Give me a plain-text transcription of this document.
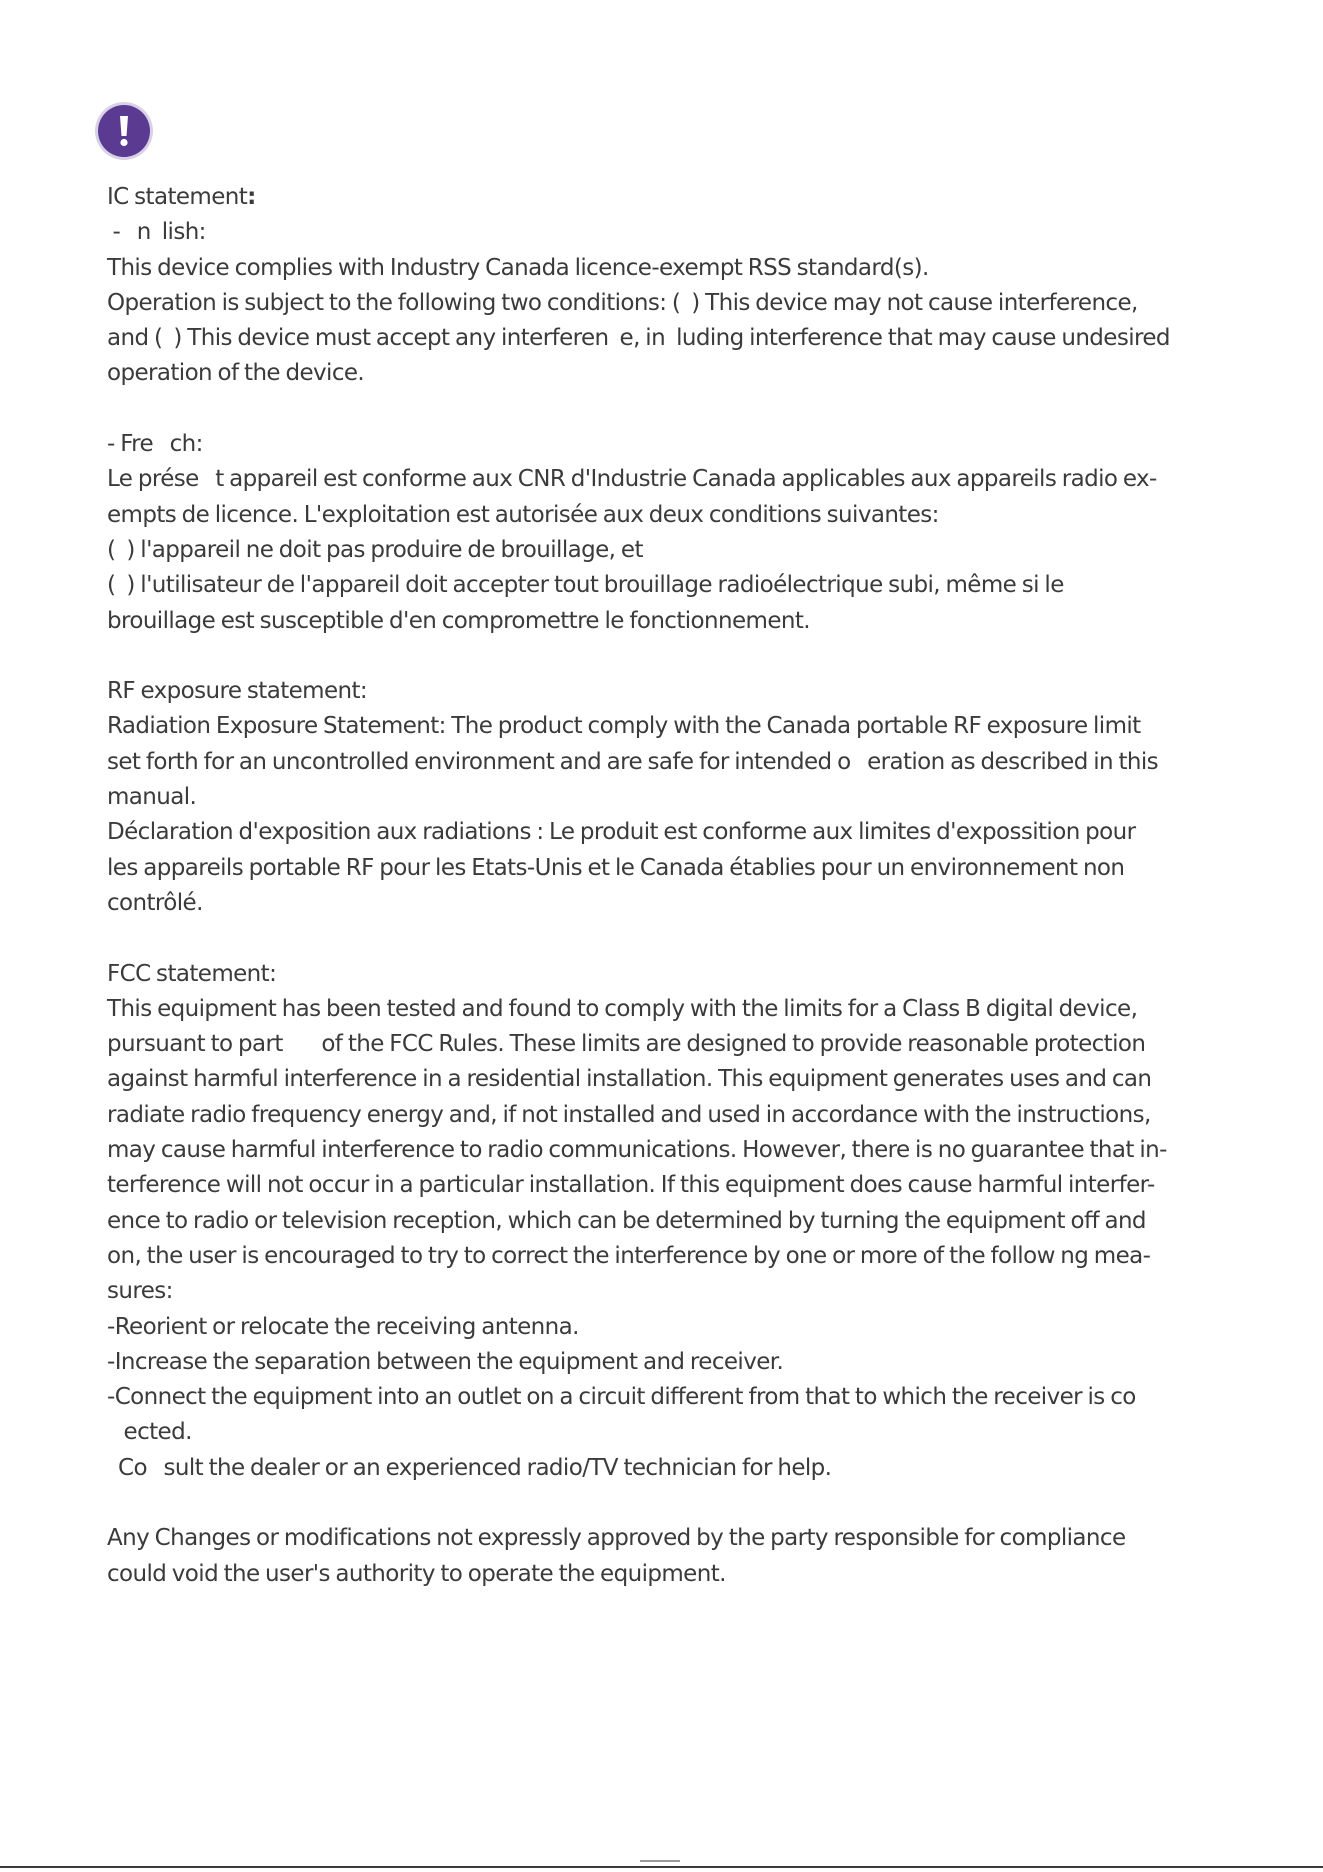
IC statement:
-   n  lish:
This device complies with Industry Canada licence-exempt RSS standard(s).
Operation is subject to the following two conditions: (  ) This device may not cause interference,
and (  ) This device must accept any interferen  e, in  luding interference that may cause undesired
operation of the device.
- Fre   ch:
Le prése   t appareil est conforme aux CNR d'Industrie Canada applicables aux appareils radio ex-
empts de licence. L'exploitation est autorisée aux deux conditions suivantes:
(  ) l'appareil ne doit pas produire de brouillage, et
(  ) l'utilisateur de l'appareil doit accepter tout brouillage radioélectrique subi, même si le
brouillage est susceptible d'en compromettre le fonctionnement.
RF exposure statement:
Radiation Exposure Statement: The product comply with the Canada portable RF exposure limit
set forth for an uncontrolled environment and are safe for intended o   eration as described in this
manual.
Déclaration d'exposition aux radiations : Le produit est conforme aux limites d'expossition pour
les appareils portable RF pour les Etats-Unis et le Canada établies pour un environnement non
contrôlé.
FCC statement:
This equipment has been tested and found to comply with the limits for a Class B digital device,
pursuant to part       of the FCC Rules. These limits are designed to provide reasonable protection
against harmful interference in a residential installation. This equipment generates uses and can
radiate radio frequency energy and, if not installed and used in accordance with the instructions,
may cause harmful interference to radio communications. However, there is no guarantee that in-
terference will not occur in a particular installation. If this equipment does cause harmful interfer-
ence to radio or television reception, which can be determined by turning the equipment off and
on, the user is encouraged to try to correct the interference by one or more of the follow ng mea-
sures:
-Reorient or relocate the receiving antenna.
-Increase the separation between the equipment and receiver.
-Connect the equipment into an outlet on a circuit different from that to which the receiver is co
ected.
Co   sult the dealer or an experienced radio/TV technician for help.
Any Changes or modifications not expressly approved by the party responsible for compliance
could void the user's authority to operate the equipment.
